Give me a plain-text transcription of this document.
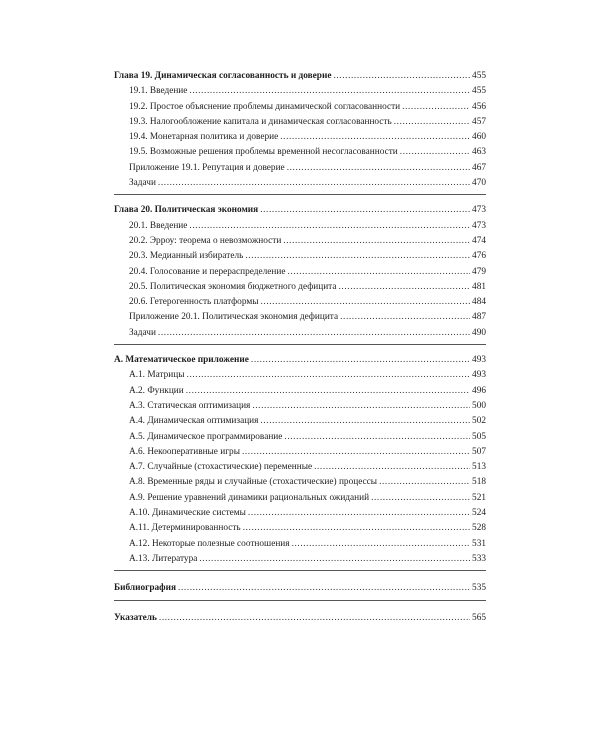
Глава 19. Динамическая согласованность и доверие .....	455
19.1. Введение .....	455
19.2. Простое объяснение проблемы динамической согласованности .....	456
19.3. Налогообложение капитала и динамическая согласованность .....	457
19.4. Монетарная политика и доверие .....	460
19.5. Возможные решения проблемы временной несогласованности .....	463
Приложение 19.1. Репутация и доверие .....	467
Задачи .....	470
Глава 20. Политическая экономия .....	473
20.1. Введение .....	473
20.2. Эрроу: теорема о невозможности .....	474
20.3. Медианный избиратель .....	476
20.4. Голосование и перераспределение .....	479
20.5. Политическая экономия бюджетного дефицита .....	481
20.6. Гетерогенность платформы .....	484
Приложение 20.1. Политическая экономия дефицита .....	487
Задачи .....	490
A. Математическое приложение .....	493
A.1. Матрицы .....	493
A.2. Функции .....	496
A.3. Статическая оптимизация .....	500
A.4. Динамическая оптимизация .....	502
A.5. Динамическое программирование .....	505
A.6. Некооперативные игры .....	507
A.7. Случайные (стохастические) переменные .....	513
A.8. Временные ряды и случайные (стохастические) процессы .....	518
A.9. Решение уравнений динамики рациональных ожиданий .....	521
A.10. Динамические системы .....	524
A.11. Детерминированность .....	528
A.12. Некоторые полезные соотношения .....	531
A.13. Литература .....	533
Библиография .....	535
Указатель .....	565
